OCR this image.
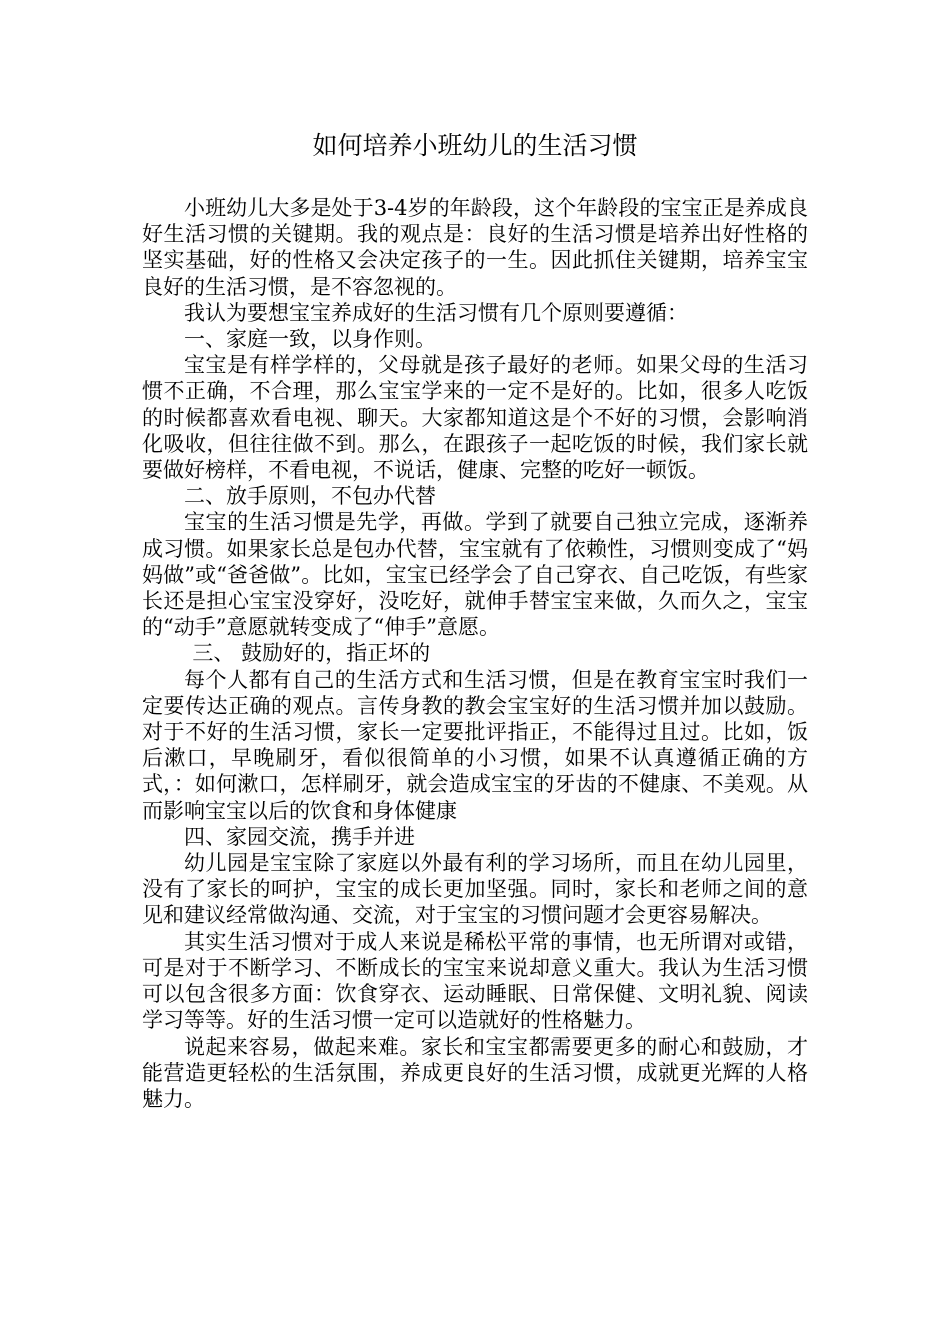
如何培养小班幼儿的生活习惯

小班幼儿大多是处于3-4岁的年龄段，这个年龄段的宝宝正是养成良好生活习惯的关键期。我的观点是：良好的生活习惯是培养出好性格的坚实基础，好的性格又会决定孩子的一生。因此抓住关键期，培养宝宝良好的生活习惯，是不容忽视的。

我认为要想宝宝养成好的生活习惯有几个原则要遵循：

一、家庭一致，以身作则。

宝宝是有样学样的，父母就是孩子最好的老师。如果父母的生活习惯不正确，不合理，那么宝宝学来的一定不是好的。比如，很多人吃饭的时候都喜欢看电视、聊天。大家都知道这是个不好的习惯，会影响消化吸收，但往往做不到。那么，在跟孩子一起吃饭的时候，我们家长就要做好榜样，不看电视，不说话，健康、完整的吃好一顿饭。

二、放手原则，不包办代替

宝宝的生活习惯是先学，再做。学到了就要自己独立完成，逐渐养成习惯。如果家长总是包办代替，宝宝就有了依赖性，习惯则变成了“妈妈做”或“爸爸做”。比如，宝宝已经学会了自己穿衣、自己吃饭，有些家长还是担心宝宝没穿好，没吃好，就伸手替宝宝来做，久而久之，宝宝的“动手”意愿就转变成了“伸手”意愿。

三、 鼓励好的，指正坏的

每个人都有自己的生活方式和生活习惯，但是在教育宝宝时我们一定要传达正确的观点。言传身教的教会宝宝好的生活习惯并加以鼓励。对于不好的生活习惯，家长一定要批评指正，不能得过且过。比如，饭后漱口，早晚刷牙，看似很简单的小习惯，如果不认真遵循正确的方式，：如何漱口，怎样刷牙，就会造成宝宝的牙齿的不健康、不美观。从而影响宝宝以后的饮食和身体健康

四、家园交流，携手并进

幼儿园是宝宝除了家庭以外最有利的学习场所，而且在幼儿园里，没有了家长的呵护，宝宝的成长更加坚强。同时，家长和老师之间的意见和建议经常做沟通、交流，对于宝宝的习惯问题才会更容易解决。

其实生活习惯对于成人来说是稀松平常的事情，也无所谓对或错，可是对于不断学习、不断成长的宝宝来说却意义重大。我认为生活习惯可以包含很多方面：饮食穿衣、运动睡眠、日常保健、文明礼貌、阅读学习等等。好的生活习惯一定可以造就好的性格魅力。

说起来容易，做起来难。家长和宝宝都需要更多的耐心和鼓励，才能营造更轻松的生活氛围，养成更良好的生活习惯，成就更光辉的人格魅力。
